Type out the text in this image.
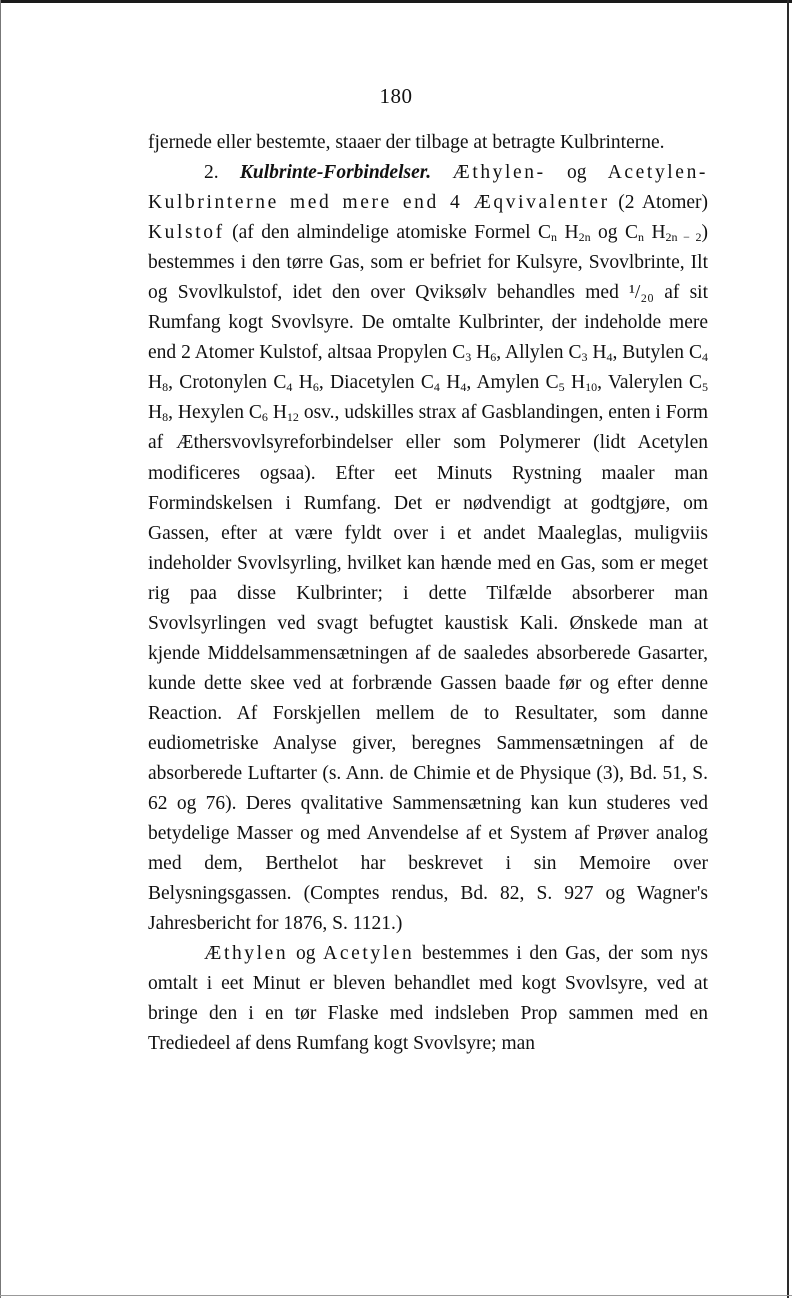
180

fjernede eller bestemte, staaer der tilbage at betragte Kulbrinterne.

2. Kulbrinte-Forbindelser. Æthylen- og Acetylen-Kulbrinterne med mere end 4 Æqvivalenter (2 Atomer) Kulstof (af den almindelige atomiske Formel $C_n$ $H_{2n}$ og $C_n$ $H_{2n - 2}$) bestemmes i den tørre Gas, som er befriet for Kulsyre, Svovlbrinte, Ilt og Svovlkulstof, idet den over Qviksølv behandles med ¹/₂₀ af sit Rumfang kogt Svovlsyre. De omtalte Kulbrinter, der indeholde mere end 2 Atomer Kulstof, altsaa Propylen $C_3$ $H_6$, Allylen $C_3$ $H_4$, Butylen $C_4$ $H_8$, Crotonylen $C_4$ $H_6$, Diacetylen $C_4$ $H_4$, Amylen $C_5$ $H_{10}$, Valerylen $C_5$ $H_8$, Hexylen $C_6$ $H_{12}$ osv., udskilles strax af Gasblandingen, enten i Form af Æthersvovlsyreforbindelser eller som Polymerer (lidt Acetylen modificeres ogsaa). Efter eet Minuts Rystning maaler man Formindskelsen i Rumfang. Det er nødvendigt at godtgjøre, om Gassen, efter at være fyldt over i et andet Maaleglas, muligviis indeholder Svovlsyrling, hvilket kan hænde med en Gas, som er meget rig paa disse Kulbrinter; i dette Tilfælde absorberer man Svovlsyrlingen ved svagt befugtet kaustisk Kali. Ønskede man at kjende Middelsammensætningen af de saaledes absorberede Gasarter, kunde dette skee ved at forbrænde Gassen baade før og efter denne Reaction. Af Forskjellen mellem de to Resultater, som danne eudiometriske Analyse giver, beregnes Sammensætningen af de absorberede Luftarter (s. Ann. de Chimie et de Physique (3), Bd. 51, S. 62 og 76). Deres qvalitative Sammensætning kan kun studeres ved betydelige Masser og med Anvendelse af et System af Prøver analog med dem, Berthelot har beskrevet i sin Memoire over Belysningsgassen. (Comptes rendus, Bd. 82, S. 927 og Wagner's Jahresbericht for 1876, S. 1121.)

Æthylen og Acetylen bestemmes i den Gas, der som nys omtalt i eet Minut er bleven behandlet med kogt Svovlsyre, ved at bringe den i en tør Flaske med indsleben Prop sammen med en Trediedeel af dens Rumfang kogt Svovlsyre; man
